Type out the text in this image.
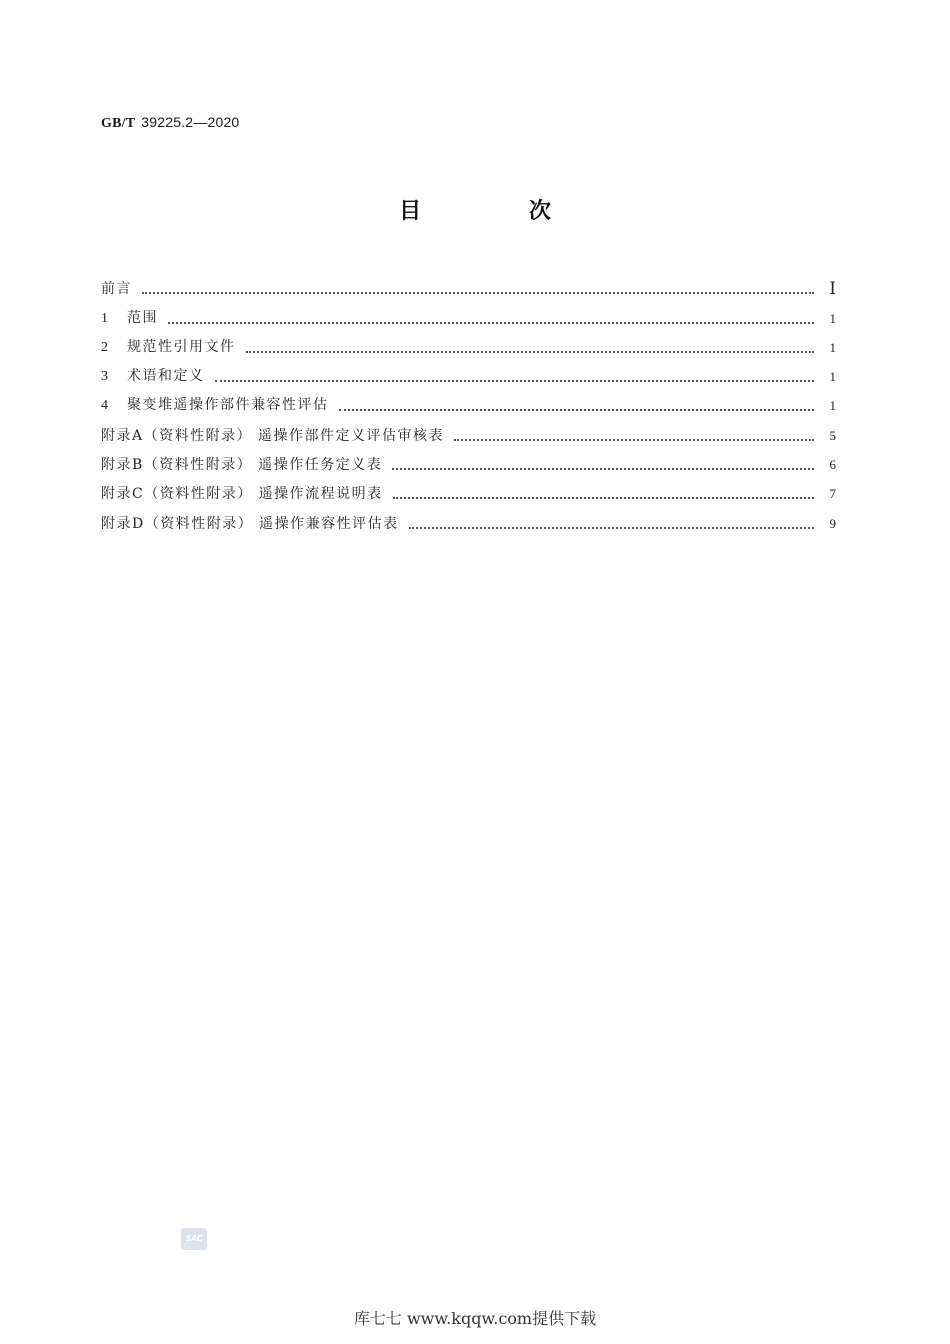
GB/T 39225.2—2020
目 次
前言	Ⅰ
1 范围	1
2 规范性引用文件	1
3 术语和定义	1
4 聚变堆遥操作部件兼容性评估	1
附录A（资料性附录） 遥操作部件定义评估审核表	5
附录B（资料性附录） 遥操作任务定义表	6
附录C（资料性附录） 遥操作流程说明表	7
附录D（资料性附录） 遥操作兼容性评估表	9
SAC
库七七 www.kqqw.com提供下载
